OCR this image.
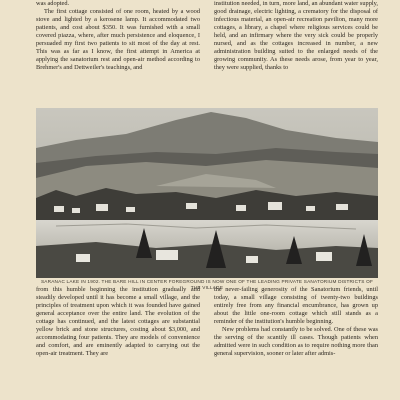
was adopted.

The first cottage consisted of one room, heated by a wood stove and lighted by a kerosene lamp. It accommodated two patients, and cost about $350. It was furnished with a small covered piazza, where, after much persistence and eloquence, I persuaded my first two patients to sit most of the day at rest. This was as far as I know, the first attempt in America at applying the sanatorium rest and open-air method according to Brehmer's and Dettweiler's teachings, and

institution needed, in turn, more land, an abundant water supply, good drainage, electric lighting, a crematory for the disposal of infectious material, an open-air recreation pavilion, many more cottages, a library, a chapel where religious services could be held, and an infirmary where the very sick could be properly nursed, and as the cottages increased in number, a new administration building suited to the enlarged needs of the growing community. As these needs arose, from year to year, they were supplied, thanks to

SARANAC LAKE IN 1902. THE BARE HILL IN CENTER FOREGROUND IS NOW ONE OF THE LEADING PRIVATE SANATORIUM DISTRICTS OF THE VILLAGE

from this humble beginning the institution gradually and steadily developed until it has become a small village, and the principles of treatment upon which it was founded have gained general acceptance over the entire land. The evolution of the cottage has continued, and the latest cottages are substantial yellow brick and stone structures, costing about $3,000, and accommodating four patients. They are models of convenience and comfort, and are eminently adapted to carrying out the open-air treatment. They are

the never-failing generosity of the Sanatorium friends, until today, a small village consisting of twenty-two buildings entirely free from any financial encumbrance, has grown up about the little one-room cottage which still stands as a reminder of the institution's humble beginning.

New problems had constantly to be solved. One of these was the serving of the scantily ill cases. Though patients when admitted were in such condition as to require nothing more than general supervision, sooner or later after admis-
